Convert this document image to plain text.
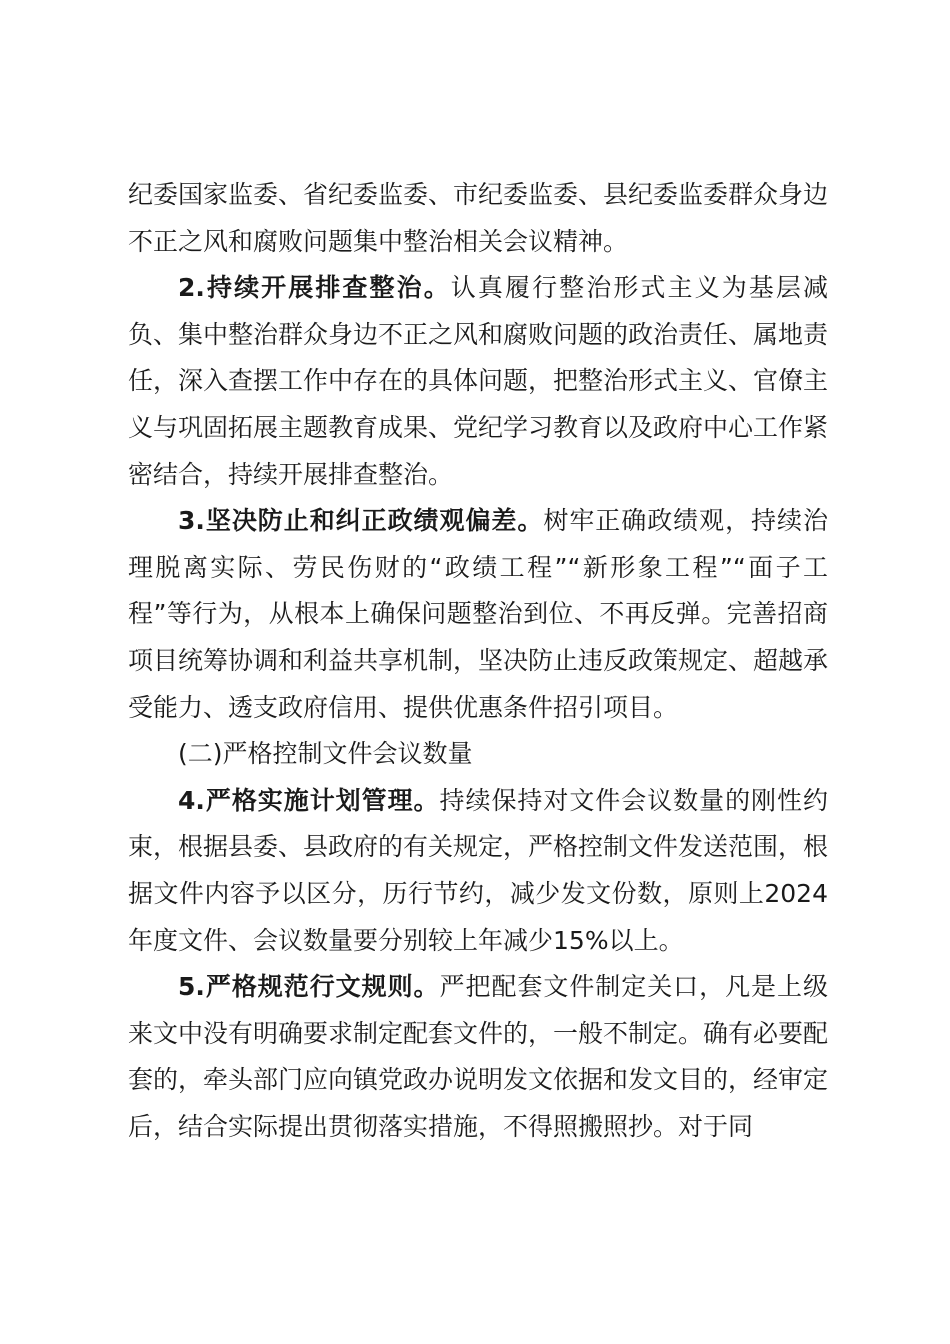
纪委国家监委、省纪委监委、市纪委监委、县纪委监委群众身边不正之风和腐败问题集中整治相关会议精神。

2.持续开展排查整治。认真履行整治形式主义为基层减负、集中整治群众身边不正之风和腐败问题的政治责任、属地责任，深入查摆工作中存在的具体问题，把整治形式主义、官僚主义与巩固拓展主题教育成果、党纪学习教育以及政府中心工作紧密结合，持续开展排查整治。

3.坚决防止和纠正政绩观偏差。树牢正确政绩观，持续治理脱离实际、劳民伤财的“政绩工程”“新形象工程”“面子工程”等行为，从根本上确保问题整治到位、不再反弹。完善招商项目统筹协调和利益共享机制，坚决防止违反政策规定、超越承受能力、透支政府信用、提供优惠条件招引项目。

(二)严格控制文件会议数量

4.严格实施计划管理。持续保持对文件会议数量的刚性约束，根据县委、县政府的有关规定，严格控制文件发送范围，根据文件内容予以区分，历行节约，减少发文份数，原则上2024年度文件、会议数量要分别较上年减少15%以上。

5.严格规范行文规则。严把配套文件制定关口，凡是上级来文中没有明确要求制定配套文件的，一般不制定。确有必要配套的，牵头部门应向镇党政办说明发文依据和发文目的，经审定后，结合实际提出贯彻落实措施，不得照搬照抄。对于同
